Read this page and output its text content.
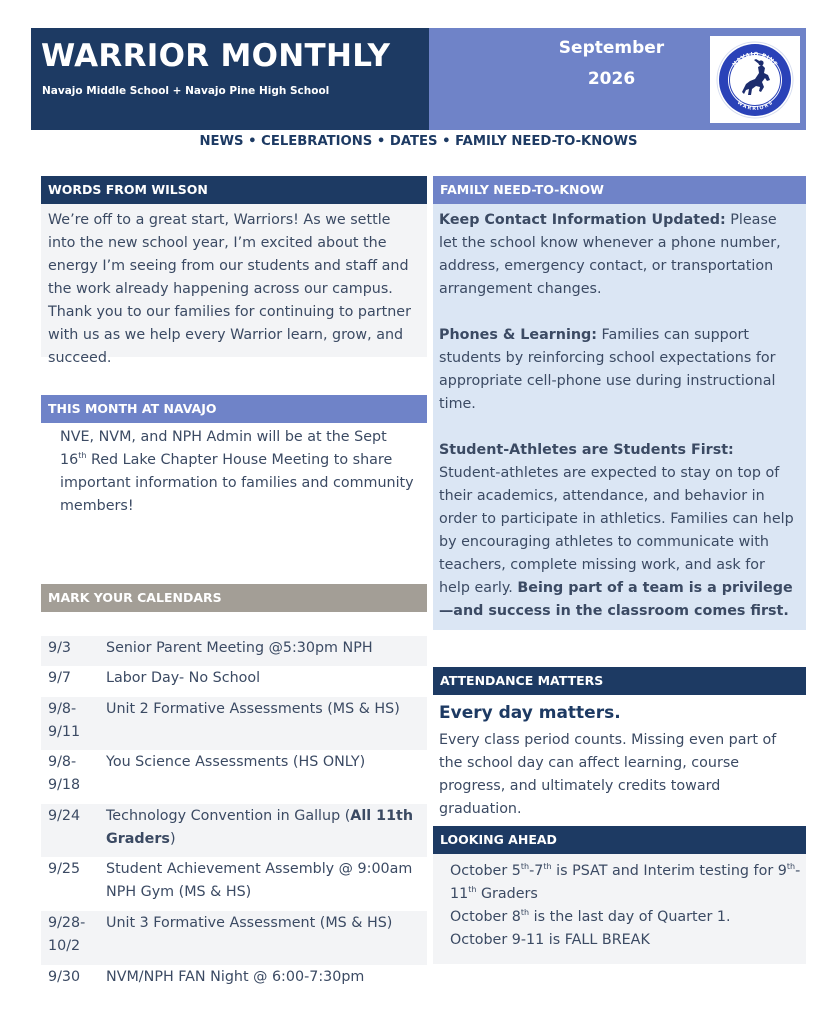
WARRIOR MONTHLY
Navajo Middle School + Navajo Pine High School
September
2026
NAVAJO PINE
WARRIORS
NEWS • CELEBRATIONS • DATES • FAMILY NEED-TO-KNOWS
WORDS FROM WILSON

We’re off to a great start, Warriors! As we settle into the new school year, I’m excited about the energy I’m seeing from our students and staff and the work already happening across our campus. Thank you to our families for continuing to partner with us as we help every Warrior learn, grow, and succeed.

THIS MONTH AT NAVAJO

NVE, NVM, and NPH Admin will be at the Sept 16th Red Lake Chapter House Meeting to share important information to families and community members!

MARK YOUR CALENDARS
9/3	Senior Parent Meeting @5:30pm NPH
9/7	Labor Day- No School
9/8-9/11
Unit 2 Formative Assessments (MS & HS)
9/8-9/18
You Science Assessments (HS ONLY)
9/24	Technology Convention in Gallup (All 11th Graders)
9/25	Student Achievement Assembly @ 9:00am NPH Gym (MS & HS)
9/28-10/2
Unit 3 Formative Assessment (MS & HS)
9/30	NVM/NPH FAN Night @ 6:00-7:30pm
FAMILY NEED-TO-KNOW

Keep Contact Information Updated: Please let the school know whenever a phone number, address, emergency contact, or transportation arrangement changes.

Phones & Learning: Families can support students by reinforcing school expectations for appropriate cell-phone use during instructional time.

Student-Athletes are Students First: Student-athletes are expected to stay on top of their academics, attendance, and behavior in order to participate in athletics. Families can help by encouraging athletes to communicate with teachers, complete missing work, and ask for help early. Being part of a team is a privilege—and success in the classroom comes first.

ATTENDANCE MATTERS
Every day matters.

Every class period counts. Missing even part of the school day can affect learning, course progress, and ultimately credits toward graduation.

LOOKING AHEAD
October 5th-7th is PSAT and Interim testing for 9th-
11th Graders
October 8th is the last day of Quarter 1.
October 9-11 is FALL BREAK
